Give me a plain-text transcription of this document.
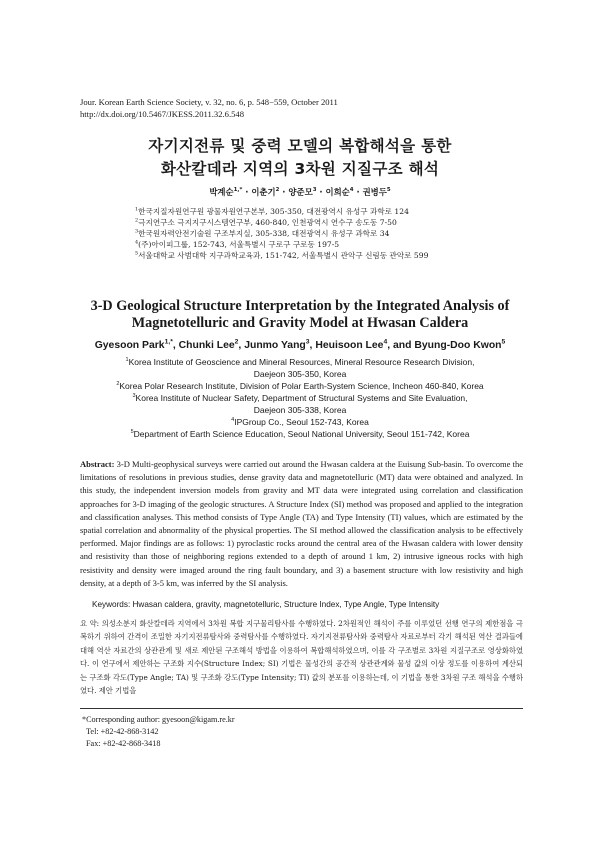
Jour. Korean Earth Science Society, v. 32, no. 6, p. 548−559, October 2011
http://dx.doi.org/10.5467/JKESS.2011.32.6.548
자기지전류 및 중력 모델의 복합해석을 통한
화산칼데라 지역의 3차원 지질구조 해석
박계순$^{1,*}$ · 이춘기$^2$ · 양준모$^3$ · 이희순$^4$ · 권병두$^5$
$^1$한국지질자원연구원 광물자원연구본부, 305-350, 대전광역시 유성구 과학로 124
$^2$극지연구소 극지지구시스템연구부, 460-840, 인천광역시 연수구 송도동 7-50
$^3$한국원자력안전기술원 구조부지실, 305-338, 대전광역시 유성구 과학로 34
$^4$(주)아이피그룹, 152-743, 서울특별시 구로구 구로동 197-5
$^5$서울대학교 사범대학 지구과학교육과, 151-742, 서울특별시 관악구 신림동 관악로 599
3-D Geological Structure Interpretation by the Integrated Analysis of
Magnetotelluric and Gravity Model at Hwasan Caldera
Gyesoon Park$^{1,*}$, Chunki Lee$^2$, Junmo Yang$^3$, Heuisoon Lee$^4$, and Byung-Doo Kwon$^5$
$^1$Korea Institute of Geoscience and Mineral Resources, Mineral Resource Research Division,
Daejeon 305-350, Korea
$^2$Korea Polar Research Institute, Division of Polar Earth-System Science, Incheon 460-840, Korea
$^3$Korea Institute of Nuclear Safety, Department of Structural Systems and Site Evaluation,
Daejeon 305-338, Korea
$^4$IPGroup Co., Seoul 152-743, Korea
$^5$Department of Earth Science Education, Seoul National University, Seoul 151-742, Korea
Abstract: 3-D Multi-geophysical surveys were carried out around the Hwasan caldera at the Euisung Sub-basin. To overcome the limitations of resolutions in previous studies, dense gravity data and magnetotelluric (MT) data were obtained and analyzed. In this study, the independent inversion models from gravity and MT data were integrated using correlation and classification approaches for 3-D imaging of the geologic structures. A Structure Index (SI) method was proposed and applied to the integration and classification analyses. This method consists of Type Angle (TA) and Type Intensity (TI) values, which are estimated by the spatial correlation and abnormality of the physical properties. The SI method allowed the classification analysis to be effectively performed. Major findings are as follows: 1) pyroclastic rocks around the central area of the Hwasan caldera with lower density and resistivity than those of neighboring regions extended to a depth of around 1 km, 2) intrusive igneous rocks with high resistivity and density were imaged around the ring fault boundary, and 3) a basement structure with low resistivity and high density, at a depth of 3-5 km, was inferred by the SI analysis.
Keywords: Hwasan caldera, gravity, magnetotelluric, Structure Index, Type Angle, Type Intensity
요 약: 의성소분지 화산칼데라 지역에서 3차원 복합 지구물리탐사를 수행하였다. 2차원적인 해석이 주를 이루었던 선행 연구의 제한점을 극복하기 위하여 간격이 조밀한 자기지전류탐사와 중력탐사를 수행하였다. 자기지전류탐사와 중력탐사 자료로부터 각기 해석된 역산 결과들에 대해 역산 자료간의 상관관계 및 새로 제안된 구조해석 방법을 이용하여 복합해석하였으며, 이를 각 구조별로 3차원 지질구조로 영상화하였다. 이 연구에서 제안하는 구조화 지수(Structure Index; SI) 기법은 물성간의 공간적 상관관계와 물성 값의 이상 정도를 이용하여 계산되는 구조화 각도(Type Angle; TA) 및 구조화 강도(Type Intensity; TI) 값의 분포를 이용하는데, 이 기법을 통한 3차원 구조 해석을 수행하였다. 제안 기법을
*Corresponding author: gyesoon@kigam.re.kr
Tel: +82-42-868-3142
Fax: +82-42-868-3418
